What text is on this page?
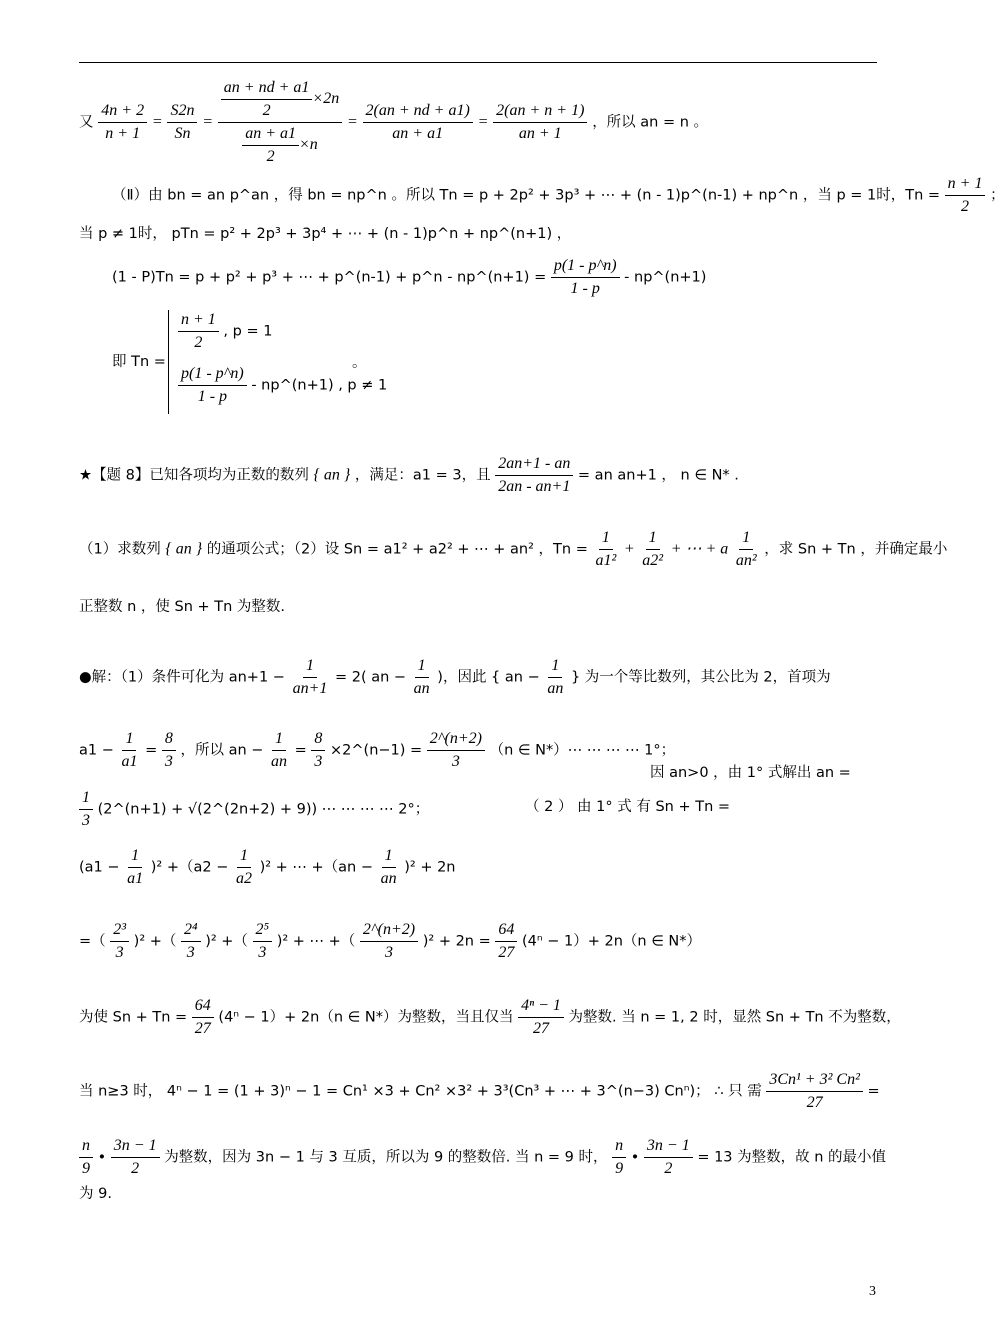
又 $\frac{4n + 2}{n + 1} = \frac{S2n}{Sn} = \frac{\frac{an + nd + a1}{2} \times 2n}{\frac{an + a1}{2} \times n} = \frac{2(an + nd + a1)}{an + a1} = \frac{2(an + n + 1)}{an + 1}$ ，所以 an = n 。
（Ⅱ）由 bn = an p^an ，得 bn = np^n 。所以 Tn = p + 2p² + 3p³ + ⋯ + (n - 1)p^(n-1) + np^n ，当 p = 1时，$Tn = \frac{n + 1}{2}$ ；
当 p ≠ 1时， pTn = p² + 2p³ + 3p⁴ + ⋯ + (n - 1)p^n + np^(n+1) ，
(1 - P)Tn = p + p² + p³ + ⋯ + p^(n-1) + p^n - np^(n+1) = $\frac{p(1 - p\^{}n)}{1 - p}$ - np^(n+1)
即 Tn =
$\frac{n + 1}{2}$ , p = 1
$\frac{p(1 - p\^{}n)}{1 - p}$ - np^(n+1) , p ≠ 1
。
★【题 8】已知各项均为正数的数列 { an } ，满足：a1 = 3，且 $\frac{2an+1 - an}{2an - an+1}$ = an an+1 ， n ∈ N* .
（1）求数列 { an } 的通项公式；（2）设 Sn = a1² + a2² + ⋯ + an² ，$Tn = \frac{1}{\text{a1²}} + \frac{1}{\text{a2²}}$ + ⋯ + a $\frac{1}{\text{an²}}$ ，求 Sn + Tn ，并确定最小
正整数 n ，使 Sn + Tn 为整数.
●解：（1）条件可化为 $an+1 - \frac{1}{an+1} = 2$( an − $\frac{1}{an}$ )，因此 { an − $\frac{1}{an}$ } 为一个等比数列，其公比为 2，首项为
$a1 - \frac{1}{a1} = \frac{8}{3}$ ，所以 an − $\frac{1}{an} = \frac{8}{3}$ ×2^(n−1) = $\frac{2\^{}(n+2)}{3} (n$ ∈ N*）⋯ ⋯ ⋯ ⋯ 1°；
因 an>0 ，由 1° 式解出 an =
$\frac{1}{3}$ (2^(n+1) + √(2^(2n+2) + 9)) ⋯ ⋯ ⋯ ⋯ 2°；	（ 2 ） 由 1° 式 有 Sn + Tn =
$(a1 - \frac{1}{a1} )^2 +(a2 - \frac{1}{a2} )^2$ + ⋯ $+(an - \frac{1}{an} )^2 + 2n$
=（ $\frac{\text{2³}}{3} )^2$ +（ $\frac{\text{2⁴}}{3} )^2$ +（ $\frac{\text{2⁵}}{3} )^2$ + ⋯ +（ $\frac{2\^{}(n+2)}{3} )^2 + 2n = \frac{64}{27} (4^n - 1)+ 2n(n$ ∈ N*）
为使 $Sn + Tn = \frac{64}{27} (4^n - 1)+ 2n(n$ ∈ N*）为整数，当且仅当 $\frac{\text{4ⁿ − 1}}{27}$ 为整数. 当 n = 1, 2 时，显然 Sn + Tn 不为整数，
当 n≥3 时， 4ⁿ − 1 = (1 + 3)ⁿ − 1 = Cn¹ ×3 + Cn² ×3² + 3³(Cn³ + ⋯ + 3^(n−3) Cnⁿ)； ∴ 只 需 $\frac{\text{3Cn¹ + 3² Cn²}}{27}$ =
$\frac{n}{9}$ • $\frac{3n - 1}{2}$ 为整数，因为 3n − 1 与 3 互质，所以为 9 的整数倍. 当 n = 9 时， $\frac{n}{9}$ • $\frac{3n - 1}{2} = 13$ 为整数，故 n 的最小值
为 9.
3
